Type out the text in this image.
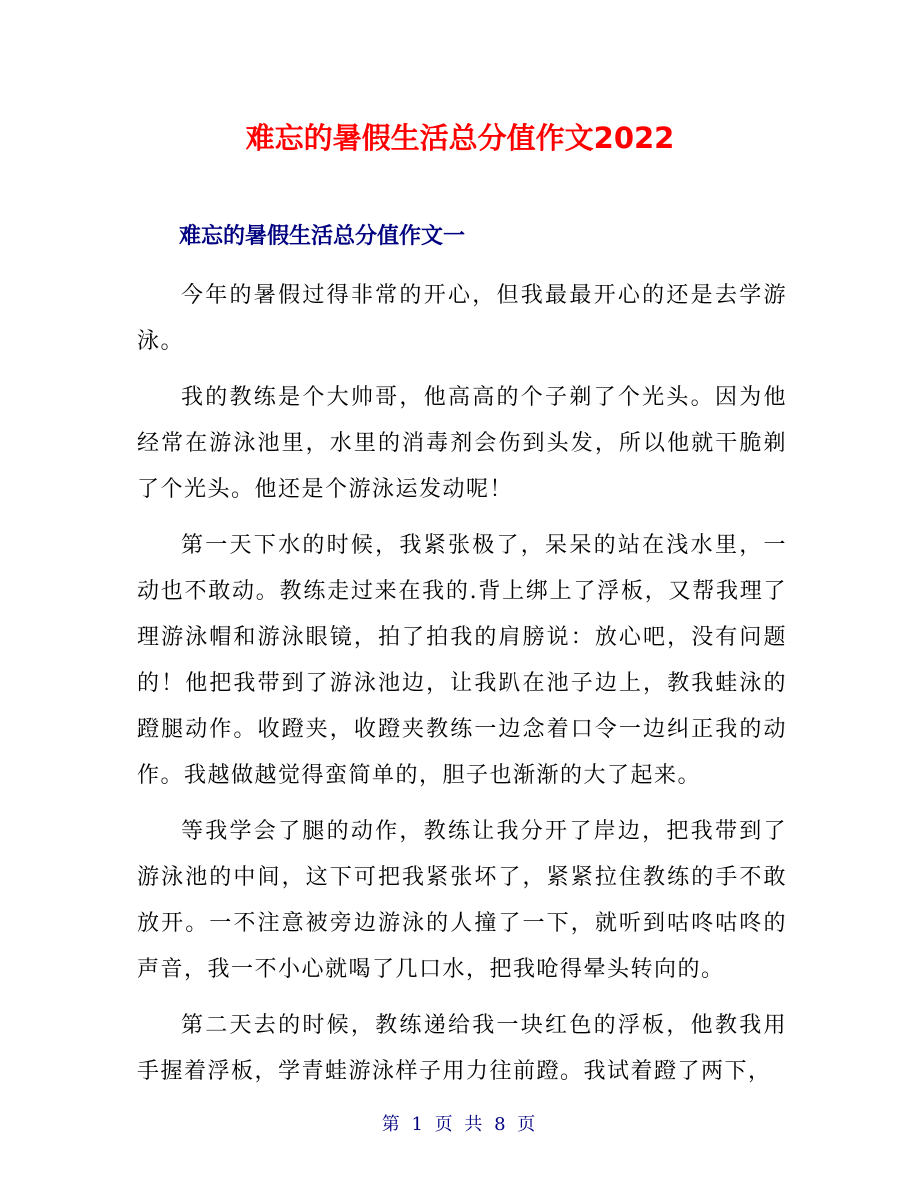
难忘的暑假生活总分值作文2022
难忘的暑假生活总分值作文一

今年的暑假过得非常的开心，但我最最开心的还是去学游泳。

我的教练是个大帅哥，他高高的个子剃了个光头。因为他经常在游泳池里，水里的消毒剂会伤到头发，所以他就干脆剃了个光头。他还是个游泳运发动呢！

第一天下水的时候，我紧张极了，呆呆的站在浅水里，一动也不敢动。教练走过来在我的.背上绑上了浮板，又帮我理了理游泳帽和游泳眼镜，拍了拍我的肩膀说：放心吧，没有问题的！他把我带到了游泳池边，让我趴在池子边上，教我蛙泳的蹬腿动作。收蹬夹，收蹬夹教练一边念着口令一边纠正我的动作。我越做越觉得蛮简单的，胆子也渐渐的大了起来。

等我学会了腿的动作，教练让我分开了岸边，把我带到了游泳池的中间，这下可把我紧张坏了，紧紧拉住教练的手不敢放开。一不注意被旁边游泳的人撞了一下，就听到咕咚咕咚的声音，我一不小心就喝了几口水，把我呛得晕头转向的。

第二天去的时候，教练递给我一块红色的浮板，他教我用手握着浮板，学青蛙游泳样子用力往前蹬。我试着蹬了两下，

第 1 页 共 8 页
